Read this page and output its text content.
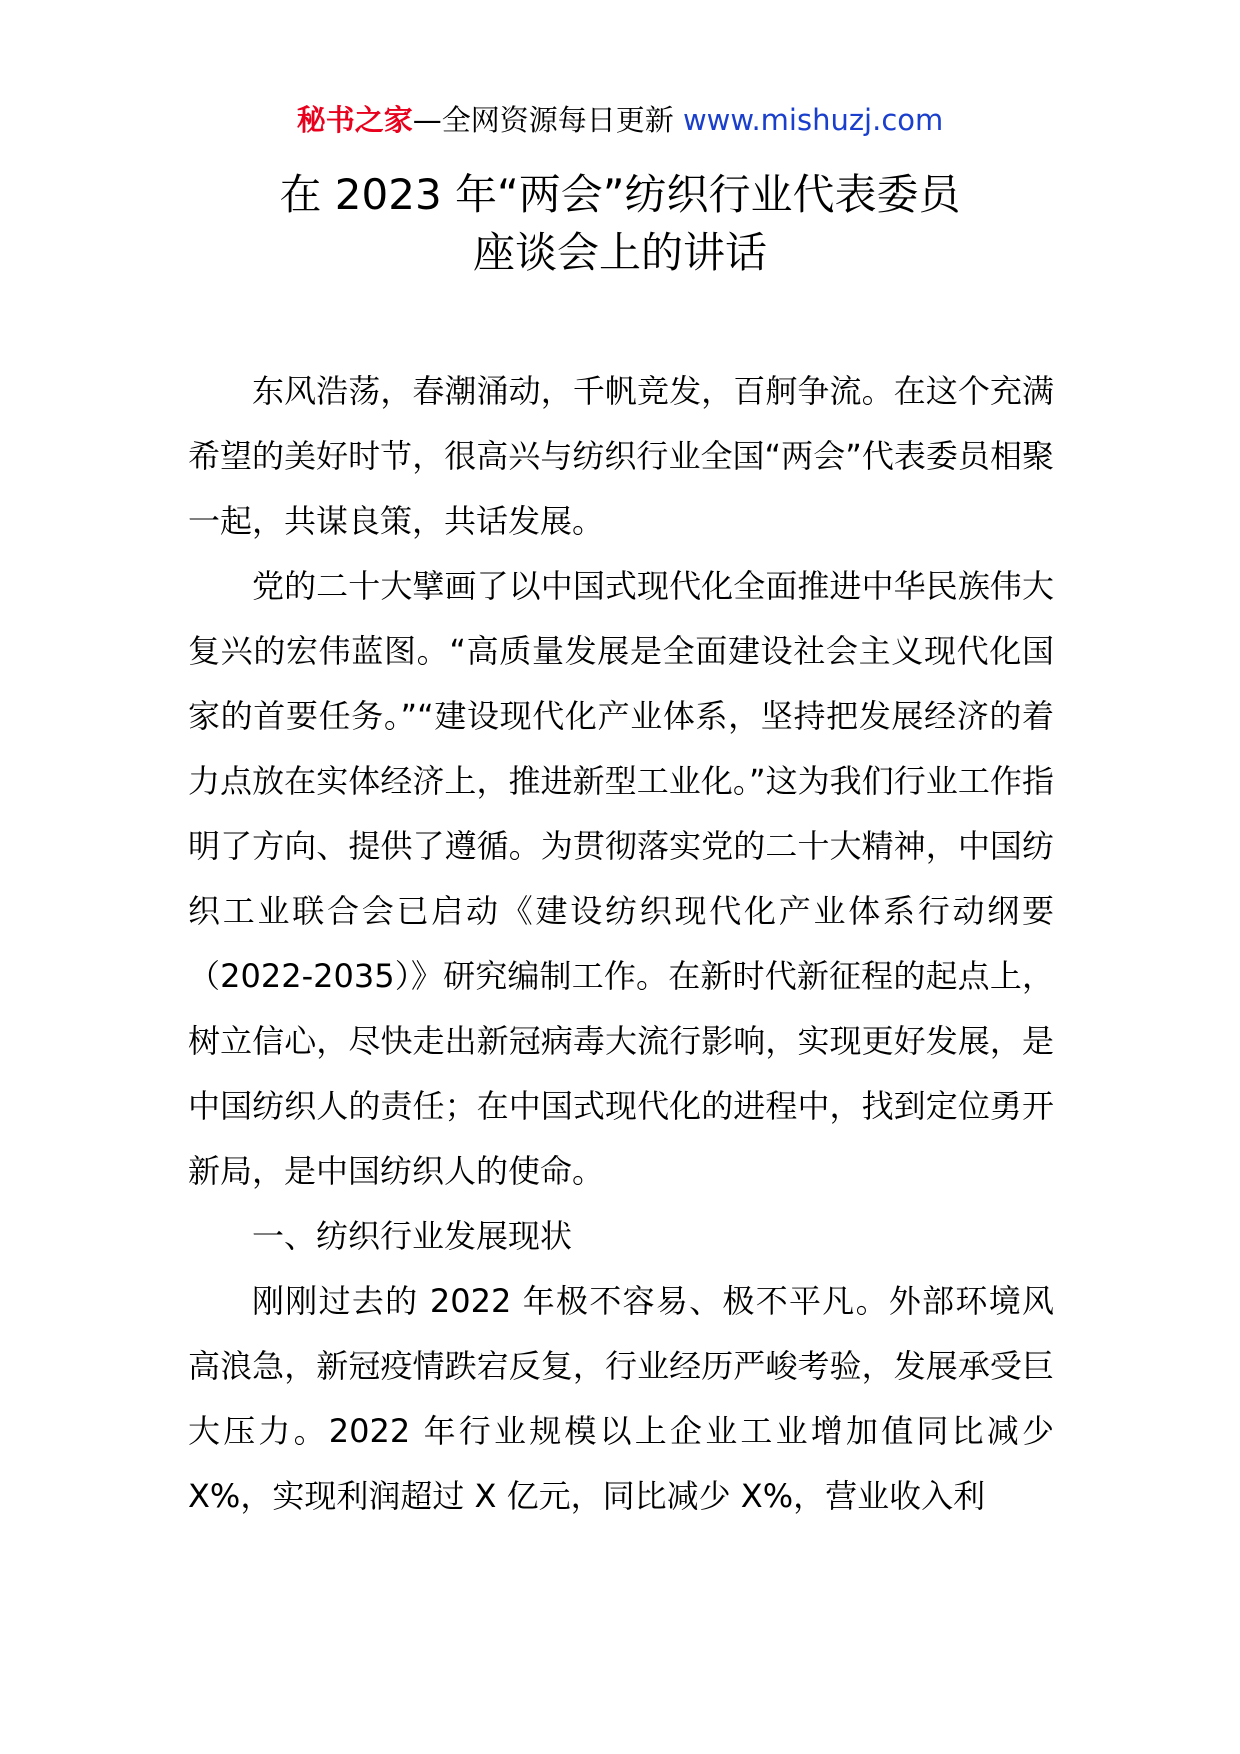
秘书之家—全网资源每日更新 www.mishuzj.com
在 2023 年“两会”纺织行业代表委员
座谈会上的讲话

东风浩荡，春潮涌动，千帆竞发，百舸争流。在这个充满希望的美好时节，很高兴与纺织行业全国“两会”代表委员相聚一起，共谋良策，共话发展。

党的二十大擘画了以中国式现代化全面推进中华民族伟大复兴的宏伟蓝图。“高质量发展是全面建设社会主义现代化国家的首要任务。”“建设现代化产业体系，坚持把发展经济的着力点放在实体经济上，推进新型工业化。”这为我们行业工作指明了方向、提供了遵循。为贯彻落实党的二十大精神，中国纺织工业联合会已启动《建设纺织现代化产业体系行动纲要（2022-2035）》研究编制工作。在新时代新征程的起点上，树立信心，尽快走出新冠病毒大流行影响，实现更好发展，是中国纺织人的责任；在中国式现代化的进程中，找到定位勇开新局，是中国纺织人的使命。

一、纺织行业发展现状

刚刚过去的 2022 年极不容易、极不平凡。外部环境风高浪急，新冠疫情跌宕反复，行业经历严峻考验，发展承受巨大压力。2022 年行业规模以上企业工业增加值同比减少 X%，实现利润超过 X 亿元，同比减少 X%，营业收入利
